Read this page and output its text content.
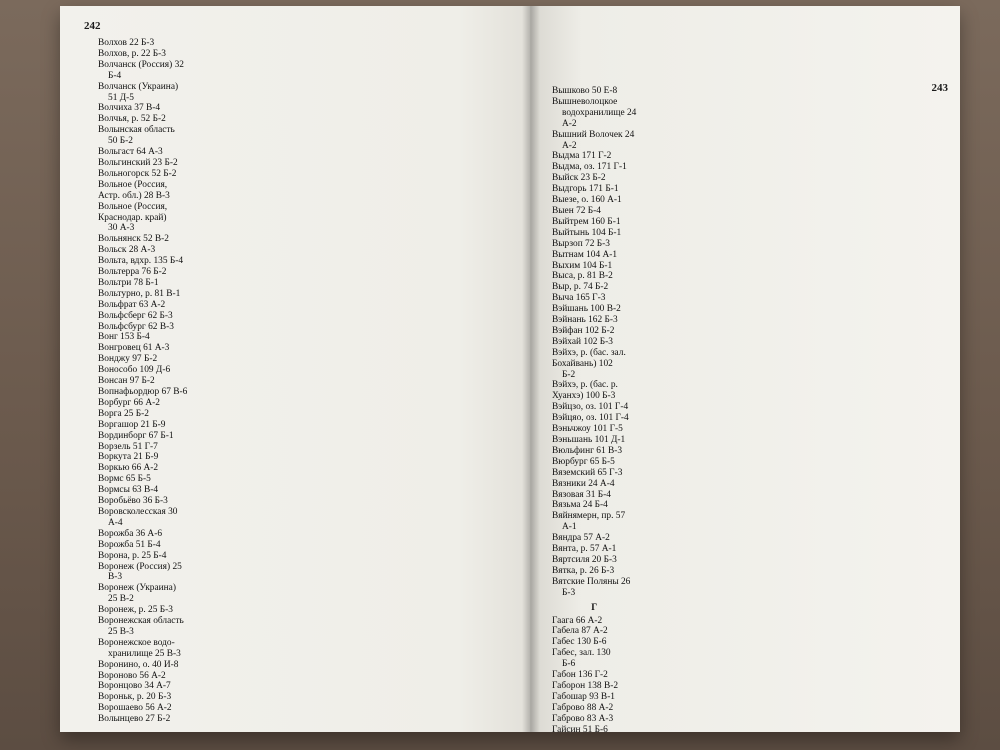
242
Волхов 22 Б-3
Волхов, р. 22 Б-3
Волчанск (Россия) 32
Б-4
Волчанск (Украина)
51 Д-5
Волчиха 37 В-4
Волчья, р. 52 Б-2
Волынская область
50 Б-2
Вольгаст 64 А-3
Вольгинский 23 Б-2
Вольногорск 52 Б-2
Вольное (Россия,
Астр. обл.) 28 В-3
Вольное (Россия,
Краснодар. край)
30 А-3
Вольнянск 52 В-2
Вольск 28 А-3
Вольта, вдхр. 135 Б-4
Вольтерра 76 Б-2
Вольтри 78 Б-1
Вольтурно, р. 81 В-1
Вольфрат 63 А-2
Вольфсберг 62 Б-3
Вольфсбург 62 В-3
Вонг 153 Б-4
Вонгровец 61 А-3
Вонджу 97 Б-2
Вонособо 109 Д-6
Вонсан 97 Б-2
Вопнафьордюр 67 В-6
Ворбург 66 А-2
Ворга 25 Б-2
Воргашор 21 Б-9
Вординборг 67 Б-1
Ворзель 51 Г-7
Воркута 21 Б-9
Воркью 66 А-2
Вормс 65 Б-5
Вормсы 63 В-4
Воробьёво 36 Б-3
Воровсколесская 30
А-4
Ворожба 36 А-6
Ворожба 51 Б-4
Ворона, р. 25 Б-4
Воронеж (Россия) 25
В-3
Воронеж (Украина)
25 В-2
Воронеж, р. 25 Б-3
Воронежская область
25 В-3
Воронежское водо-
хранилище 25 В-3
Воронино, о. 40 И-8
Вороново 56 А-2
Воронцово 34 А-7
Вороньк, р. 20 Б-3
Ворошаево 56 А-2
Волынцево 27 Б-2
243
Вышково 50 Е-8
Вышневолоцкое
водохранилище 24
А-2
Вышний Волочек 24
А-2
Выдма 171 Г-2
Выдма, оз. 171 Г-1
Выйск 23 Б-2
Выдгорь 171 Б-1
Выезе, о. 160 А-1
Выен 72 Б-4
Выйтрем 160 Б-1
Выйтынь 104 Б-1
Вырзоп 72 Б-3
Вытнам 104 А-1
Выхим 104 Б-1
Выса, р. 81 В-2
Выр, р. 74 Б-2
Выча 165 Г-3
Вэйшань 100 В-2
Вэйнань 162 Б-3
Вэйфан 102 Б-2
Вэйхай 102 Б-3
Вэйхэ, р. (бас. зал.
Бохайвань) 102
Б-2
Вэйхэ, р. (бас. р.
Хуанхэ) 100 Б-3
Вэйцзо, оз. 101 Г-4
Вэйцяо, оз. 101 Г-4
Вэньчжоу 101 Г-5
Вэньшань 101 Д-1
Вюльфинг 61 В-3
Вюрбург 65 Б-5
Вяземский 65 Г-3
Вязники 24 А-4
Вязовая 31 Б-4
Вязьма 24 Б-4
Вяйнямерн, пр. 57
А-1
Вяндра 57 А-2
Вянта, р. 57 А-1
Вяртсиля 20 Б-3
Вятка, р. 26 Б-3
Вятские Поляны 26
Б-3
Г
Гаага 66 А-2
Габела 87 А-2
Габес 130 Б-6
Габес, зал. 130
Б-6
Габон 136 Г-2
Габорон 138 В-2
Габошар 93 В-1
Габрово 88 А-2
Габрово 83 А-3
Гайсин 51 Б-6
